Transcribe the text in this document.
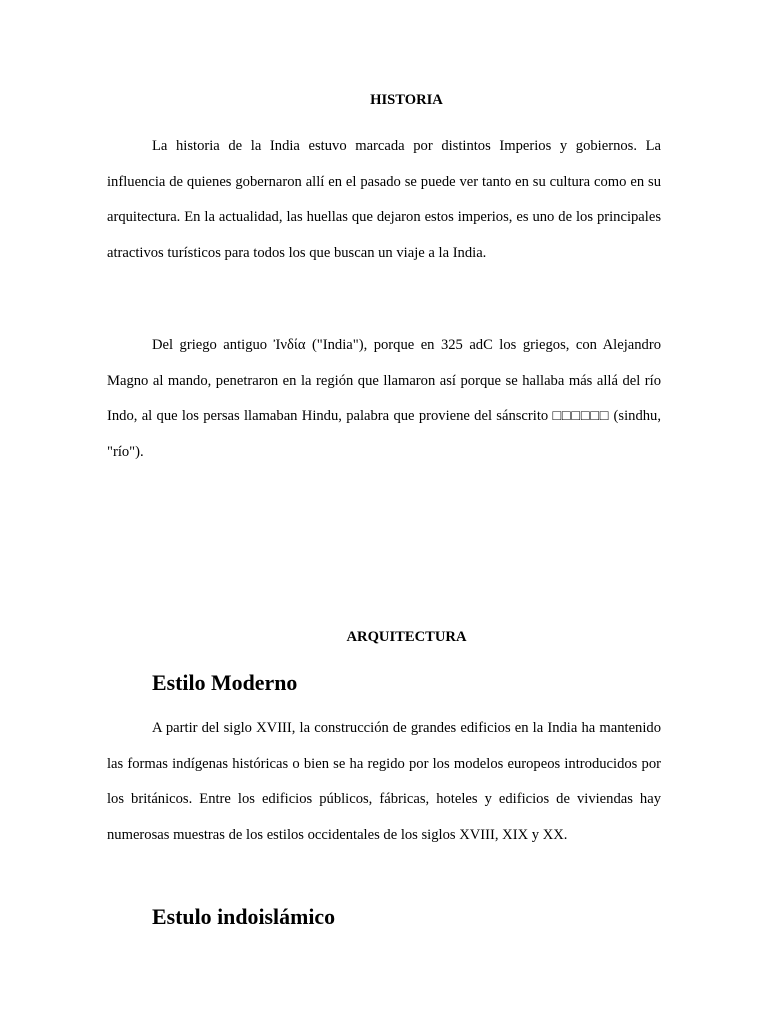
HISTORIA

La historia de la India estuvo marcada por distintos Imperios y gobiernos. La influencia de quienes gobernaron allí en el pasado se puede ver tanto en su cultura como en su arquitectura. En la actualidad, las huellas que dejaron estos imperios, es uno de los principales atractivos turísticos para todos los que buscan un viaje a la India.

Del griego antiguo Ἰνδία ("India"), porque en 325 adC los griegos, con Alejandro Magno al mando, penetraron en la región que llamaron así porque se hallaba más allá del río Indo, al que los persas llamaban Hindu, palabra que proviene del sánscrito □□□□□□ (sindhu, "río").

ARQUITECTURA
Estilo Moderno

A partir del siglo XVIII, la construcción de grandes edificios en la India ha mantenido las formas indígenas históricas o bien se ha regido por los modelos europeos introducidos por los británicos. Entre los edificios públicos, fábricas, hoteles y edificios de viviendas hay numerosas muestras de los estilos occidentales de los siglos XVIII, XIX y XX.

Estulo indoislámico
